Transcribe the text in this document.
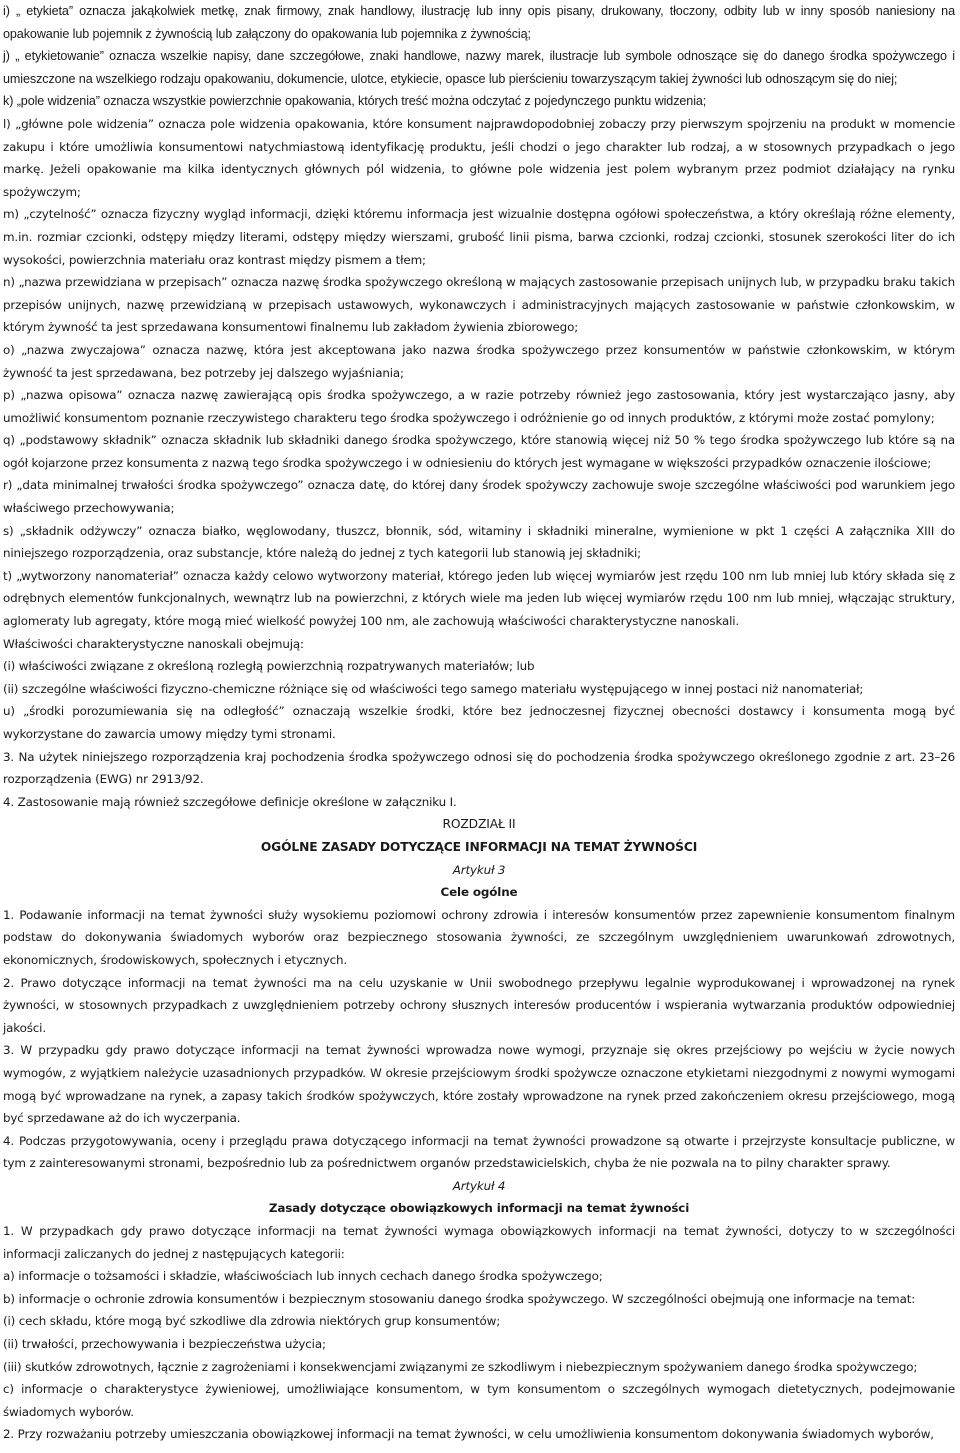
i) „ etykieta” oznacza jakąkolwiek metkę, znak firmowy, znak handlowy, ilustrację lub inny opis pisany, drukowany, tłoczony, odbity lub w inny sposób naniesiony na opakowanie lub pojemnik z żywnością lub załączony do opakowania lub pojemnika z żywnością;

j) „ etykietowanie” oznacza wszelkie napisy, dane szczegółowe, znaki handlowe, nazwy marek, ilustracje lub symbole odnoszące się do danego środka spożywczego i umieszczone na wszelkiego rodzaju opakowaniu, dokumencie, ulotce, etykiecie, opasce lub pierścieniu towarzyszącym takiej żywności lub odnoszącym się do niej;

k) „pole widzenia” oznacza wszystkie powierzchnie opakowania, których treść można odczytać z pojedynczego punktu widzenia;

l) „główne pole widzenia” oznacza pole widzenia opakowania, które konsument najprawdopodobniej zobaczy przy pierwszym spojrzeniu na produkt w momencie zakupu i które umożliwia konsumentowi natychmiastową identyfikację produktu, jeśli chodzi o jego charakter lub rodzaj, a w stosownych przypadkach o jego markę. Jeżeli opakowanie ma kilka identycznych głównych pól widzenia, to główne pole widzenia jest polem wybranym przez podmiot działający na rynku spożywczym;

m) „czytelność” oznacza fizyczny wygląd informacji, dzięki któremu informacja jest wizualnie dostępna ogółowi społeczeństwa, a który określają różne elementy, m.in. rozmiar czcionki, odstępy między literami, odstępy między wierszami, grubość linii pisma, barwa czcionki, rodzaj czcionki, stosunek szerokości liter do ich wysokości, powierzchnia materiału oraz kontrast między pismem a tłem;

n) „nazwa przewidziana w przepisach” oznacza nazwę środka spożywczego określoną w mających zastosowanie przepisach unijnych lub, w przypadku braku takich przepisów unijnych, nazwę przewidzianą w przepisach ustawowych, wykonawczych i administracyjnych mających zastosowanie w państwie członkowskim, w którym żywność ta jest sprzedawana konsumentowi finalnemu lub zakładom żywienia zbiorowego;

o) „nazwa zwyczajowa” oznacza nazwę, która jest akceptowana jako nazwa środka spożywczego przez konsumentów w państwie członkowskim, w którym żywność ta jest sprzedawana, bez potrzeby jej dalszego wyjaśniania;

p) „nazwa opisowa” oznacza nazwę zawierającą opis środka spożywczego, a w razie potrzeby również jego zastosowania, który jest wystarczająco jasny, aby umożliwić konsumentom poznanie rzeczywistego charakteru tego środka spożywczego i odróżnienie go od innych produktów, z którymi może zostać pomylony;

q) „podstawowy składnik” oznacza składnik lub składniki danego środka spożywczego, które stanowią więcej niż 50 % tego środka spożywczego lub które są na ogół kojarzone przez konsumenta z nazwą tego środka spożywczego i w odniesieniu do których jest wymagane w większości przypadków oznaczenie ilościowe;

r) „data minimalnej trwałości środka spożywczego” oznacza datę, do której dany środek spożywczy zachowuje swoje szczególne właściwości pod warunkiem jego właściwego przechowywania;

s) „składnik odżywczy” oznacza białko, węglowodany, tłuszcz, błonnik, sód, witaminy i składniki mineralne, wymienione w pkt 1 części A załącznika XIII do niniejszego rozporządzenia, oraz substancje, które należą do jednej z tych kategorii lub stanowią jej składniki;

t) „wytworzony nanomateriał” oznacza każdy celowo wytworzony materiał, którego jeden lub więcej wymiarów jest rzędu 100 nm lub mniej lub który składa się z odrębnych elementów funkcjonalnych, wewnątrz lub na powierzchni, z których wiele ma jeden lub więcej wymiarów rzędu 100 nm lub mniej, włączając struktury, aglomeraty lub agregaty, które mogą mieć wielkość powyżej 100 nm, ale zachowują właściwości charakterystyczne nanoskali.

Właściwości charakterystyczne nanoskali obejmują:

(i) właściwości związane z określoną rozległą powierzchnią rozpatrywanych materiałów; lub

(ii) szczególne właściwości fizyczno-chemiczne różniące się od właściwości tego samego materiału występującego w innej postaci niż nanomateriał;

u) „środki porozumiewania się na odległość” oznaczają wszelkie środki, które bez jednoczesnej fizycznej obecności dostawcy i konsumenta mogą być wykorzystane do zawarcia umowy między tymi stronami.

3. Na użytek niniejszego rozporządzenia kraj pochodzenia środka spożywczego odnosi się do pochodzenia środka spożywczego określonego zgodnie z art. 23–26 rozporządzenia (EWG) nr 2913/92.

4. Zastosowanie mają również szczegółowe definicje określone w załączniku I.

ROZDZIAŁ II

OGÓLNE ZASADY DOTYCZĄCE INFORMACJI NA TEMAT ŻYWNOŚCI

Artykuł 3

Cele ogólne

1. Podawanie informacji na temat żywności służy wysokiemu poziomowi ochrony zdrowia i interesów konsumentów przez zapewnienie konsumentom finalnym podstaw do dokonywania świadomych wyborów oraz bezpiecznego stosowania żywności, ze szczególnym uwzględnieniem uwarunkowań zdrowotnych, ekonomicznych, środowiskowych, społecznych i etycznych.

2. Prawo dotyczące informacji na temat żywności ma na celu uzyskanie w Unii swobodnego przepływu legalnie wyprodukowanej i wprowadzonej na rynek żywności, w stosownych przypadkach z uwzględnieniem potrzeby ochrony słusznych interesów producentów i wspierania wytwarzania produktów odpowiedniej jakości.

3. W przypadku gdy prawo dotyczące informacji na temat żywności wprowadza nowe wymogi, przyznaje się okres przejściowy po wejściu w życie nowych wymogów, z wyjątkiem należycie uzasadnionych przypadków. W okresie przejściowym środki spożywcze oznaczone etykietami niezgodnymi z nowymi wymogami mogą być wprowadzane na rynek, a zapasy takich środków spożywczych, które zostały wprowadzone na rynek przed zakończeniem okresu przejściowego, mogą być sprzedawane aż do ich wyczerpania.

4. Podczas przygotowywania, oceny i przeglądu prawa dotyczącego informacji na temat żywności prowadzone są otwarte i przejrzyste konsultacje publiczne, w tym z zainteresowanymi stronami, bezpośrednio lub za pośrednictwem organów przedstawicielskich, chyba że nie pozwala na to pilny charakter sprawy.

Artykuł 4

Zasady dotyczące obowiązkowych informacji na temat żywności

1. W przypadkach gdy prawo dotyczące informacji na temat żywności wymaga obowiązkowych informacji na temat żywności, dotyczy to w szczególności informacji zaliczanych do jednej z następujących kategorii:

a) informacje o tożsamości i składzie, właściwościach lub innych cechach danego środka spożywczego;

b) informacje o ochronie zdrowia konsumentów i bezpiecznym stosowaniu danego środka spożywczego. W szczególności obejmują one informacje na temat:

(i) cech składu, które mogą być szkodliwe dla zdrowia niektórych grup konsumentów;

(ii) trwałości, przechowywania i bezpieczeństwa użycia;

(iii) skutków zdrowotnych, łącznie z zagrożeniami i konsekwencjami związanymi ze szkodliwym i niebezpiecznym spożywaniem danego środka spożywczego;

c) informacje o charakterystyce żywieniowej, umożliwiające konsumentom, w tym konsumentom o szczególnych wymogach dietetycznych, podejmowanie świadomych wyborów.

2. Przy rozważaniu potrzeby umieszczania obowiązkowej informacji na temat żywności, w celu umożliwienia konsumentom dokonywania świadomych wyborów,
